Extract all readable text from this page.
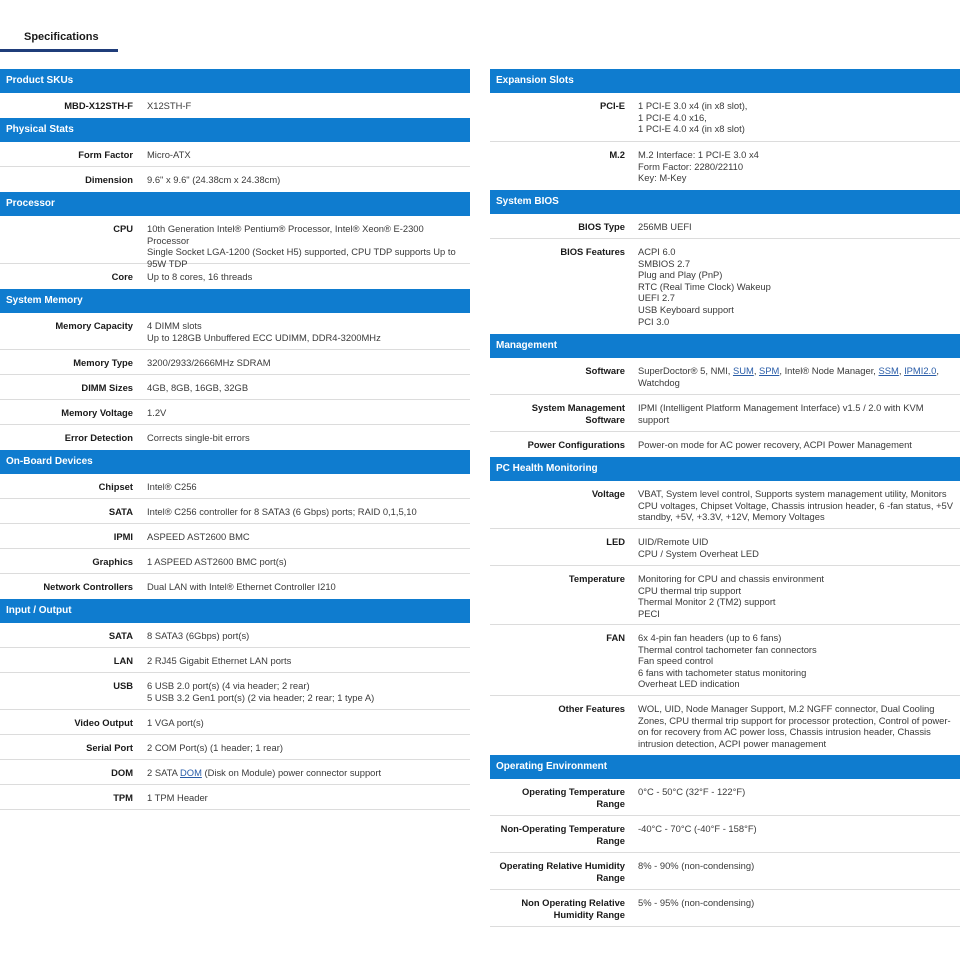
Specifications
Product SKUs
MBD-X12STH-F X12STH-F
Physical Stats
Form Factor Micro-ATX
Dimension 9.6" x 9.6" (24.38cm x 24.38cm)
Processor
CPU 10th Generation Intel® Pentium® Processor, Intel® Xeon® E-2300 Processor
Single Socket LGA-1200 (Socket H5) supported, CPU TDP supports Up to
95W TDP
Core Up to 8 cores, 16 threads
System Memory
Memory Capacity 4 DIMM slots
Up to 128GB Unbuffered ECC UDIMM, DDR4-3200MHz
Memory Type 3200/2933/2666MHz SDRAM
DIMM Sizes 4GB, 8GB, 16GB, 32GB
Memory Voltage 1.2V
Error Detection Corrects single-bit errors
On-Board Devices
Chipset Intel® C256
SATA Intel® C256 controller for 8 SATA3 (6 Gbps) ports; RAID 0,1,5,10
IPMI ASPEED AST2600 BMC
Graphics 1 ASPEED AST2600 BMC port(s)
Network Controllers Dual LAN with Intel® Ethernet Controller I210
Input / Output
SATA 8 SATA3 (6Gbps) port(s)
LAN 2 RJ45 Gigabit Ethernet LAN ports
USB 6 USB 2.0 port(s) (4 via header; 2 rear)
5 USB 3.2 Gen1 port(s) (2 via header; 2 rear; 1 type A)
Video Output 1 VGA port(s)
Serial Port 2 COM Port(s) (1 header; 1 rear)
DOM 2 SATA DOM (Disk on Module) power connector support
TPM 1 TPM Header
Expansion Slots
PCI-E 1 PCI-E 3.0 x4 (in x8 slot),
1 PCI-E 4.0 x16,
1 PCI-E 4.0 x4 (in x8 slot)
M.2 M.2 Interface: 1 PCI-E 3.0 x4
Form Factor: 2280/22110
Key: M-Key
System BIOS
BIOS Type 256MB UEFI
BIOS Features ACPI 6.0
SMBIOS 2.7
Plug and Play (PnP)
RTC (Real Time Clock) Wakeup
UEFI 2.7
USB Keyboard support
PCI 3.0
Management
Software SuperDoctor® 5, NMI, SUM, SPM, Intel® Node Manager, SSM, IPMI2.0,
Watchdog
System Management
Software
IPMI (Intelligent Platform Management Interface) v1.5 / 2.0 with KVM
support
Power Configurations Power-on mode for AC power recovery, ACPI Power Management
PC Health Monitoring
Voltage VBAT, System level control, Supports system management utility, Monitors
CPU voltages, Chipset Voltage, Chassis intrusion header, 6 -fan status, +5V
standby, +5V, +3.3V, +12V, Memory Voltages
LED UID/Remote UID
CPU / System Overheat LED
Temperature Monitoring for CPU and chassis environment
CPU thermal trip support
Thermal Monitor 2 (TM2) support
PECI
FAN 6x 4-pin fan headers (up to 6 fans)
Thermal control tachometer fan connectors
Fan speed control
6 fans with tachometer status monitoring
Overheat LED indication
Other Features WOL, UID, Node Manager Support, M.2 NGFF connector, Dual Cooling
Zones, CPU thermal trip support for processor protection, Control of power-
on for recovery from AC power loss, Chassis intrusion header, Chassis
intrusion detection, ACPI power management
Operating Environment
Operating Temperature
Range
0°C - 50°C (32°F - 122°F)
Non-Operating Temperature
Range
-40°C - 70°C (-40°F - 158°F)
Operating Relative Humidity
Range
8% - 90% (non-condensing)
Non Operating Relative
Humidity Range
5% - 95% (non-condensing)
